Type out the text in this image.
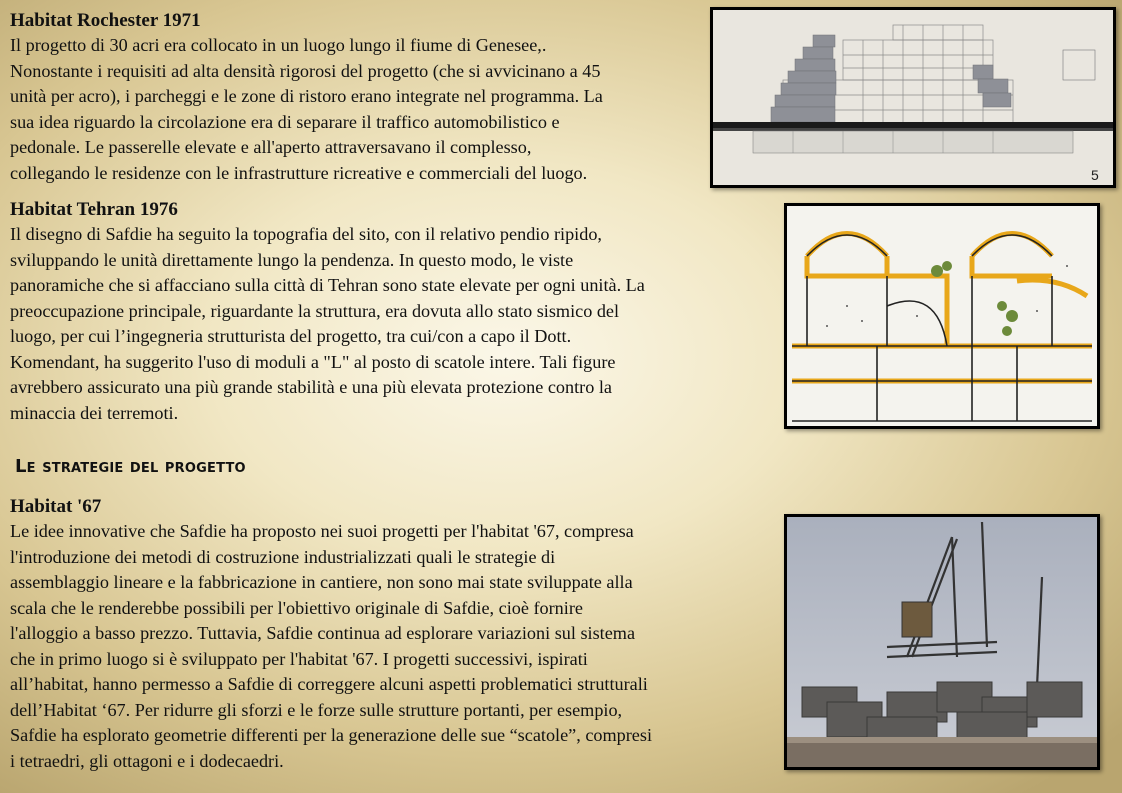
Habitat Rochester 1971
Il progetto di 30 acri era collocato in un luogo lungo il fiume di Genesee,.
Nonostante i requisiti ad alta densità rigorosi del progetto (che si avvicinano a 45
unità per acro), i parcheggi e le zone di ristoro erano integrate nel programma. La
sua idea riguardo la circolazione era di separare il traffico automobilistico e
pedonale. Le passerelle elevate e all'aperto attraversavano il complesso,
collegando le residenze con le infrastrutture ricreative e commerciali del luogo.
Habitat Tehran 1976
Il disegno di Safdie ha seguito la topografia del sito, con il relativo pendio ripido,
sviluppando le unità direttamente lungo la pendenza. In questo modo, le viste
panoramiche che si affacciano sulla città di Tehran sono state elevate per ogni unità. La
preoccupazione principale, riguardante la struttura, era dovuta allo stato sismico del
luogo, per cui l’ingegneria strutturista del progetto, tra cui/con a capo il Dott.
Komendant, ha suggerito l'uso di moduli a "L" al posto di scatole intere. Tali figure
avrebbero assicurato una più grande stabilità e una più elevata protezione contro la
minaccia dei terremoti.
Le strategie del progetto
Habitat '67
Le idee innovative che Safdie ha proposto nei suoi progetti per l'habitat '67, compresa
l'introduzione dei metodi di costruzione industrializzati quali le strategie di
assemblaggio lineare e la fabbricazione in cantiere, non sono mai state sviluppate alla
scala che le renderebbe possibili per l'obiettivo originale di Safdie, cioè fornire
l'alloggio a basso prezzo. Tuttavia, Safdie continua ad esplorare variazioni sul sistema
che in primo luogo si è sviluppato per l'habitat '67. I progetti successivi, ispirati
all’habitat, hanno permesso a Safdie di correggere alcuni aspetti problematici strutturali
dell’Habitat ‘67. Per ridurre gli sforzi e le forze sulle strutture portanti, per esempio,
Safdie ha esplorato geometrie differenti per la generazione delle sue “scatole”, compresi
i tetraedri, gli ottagoni e i dodecaedri.
5
